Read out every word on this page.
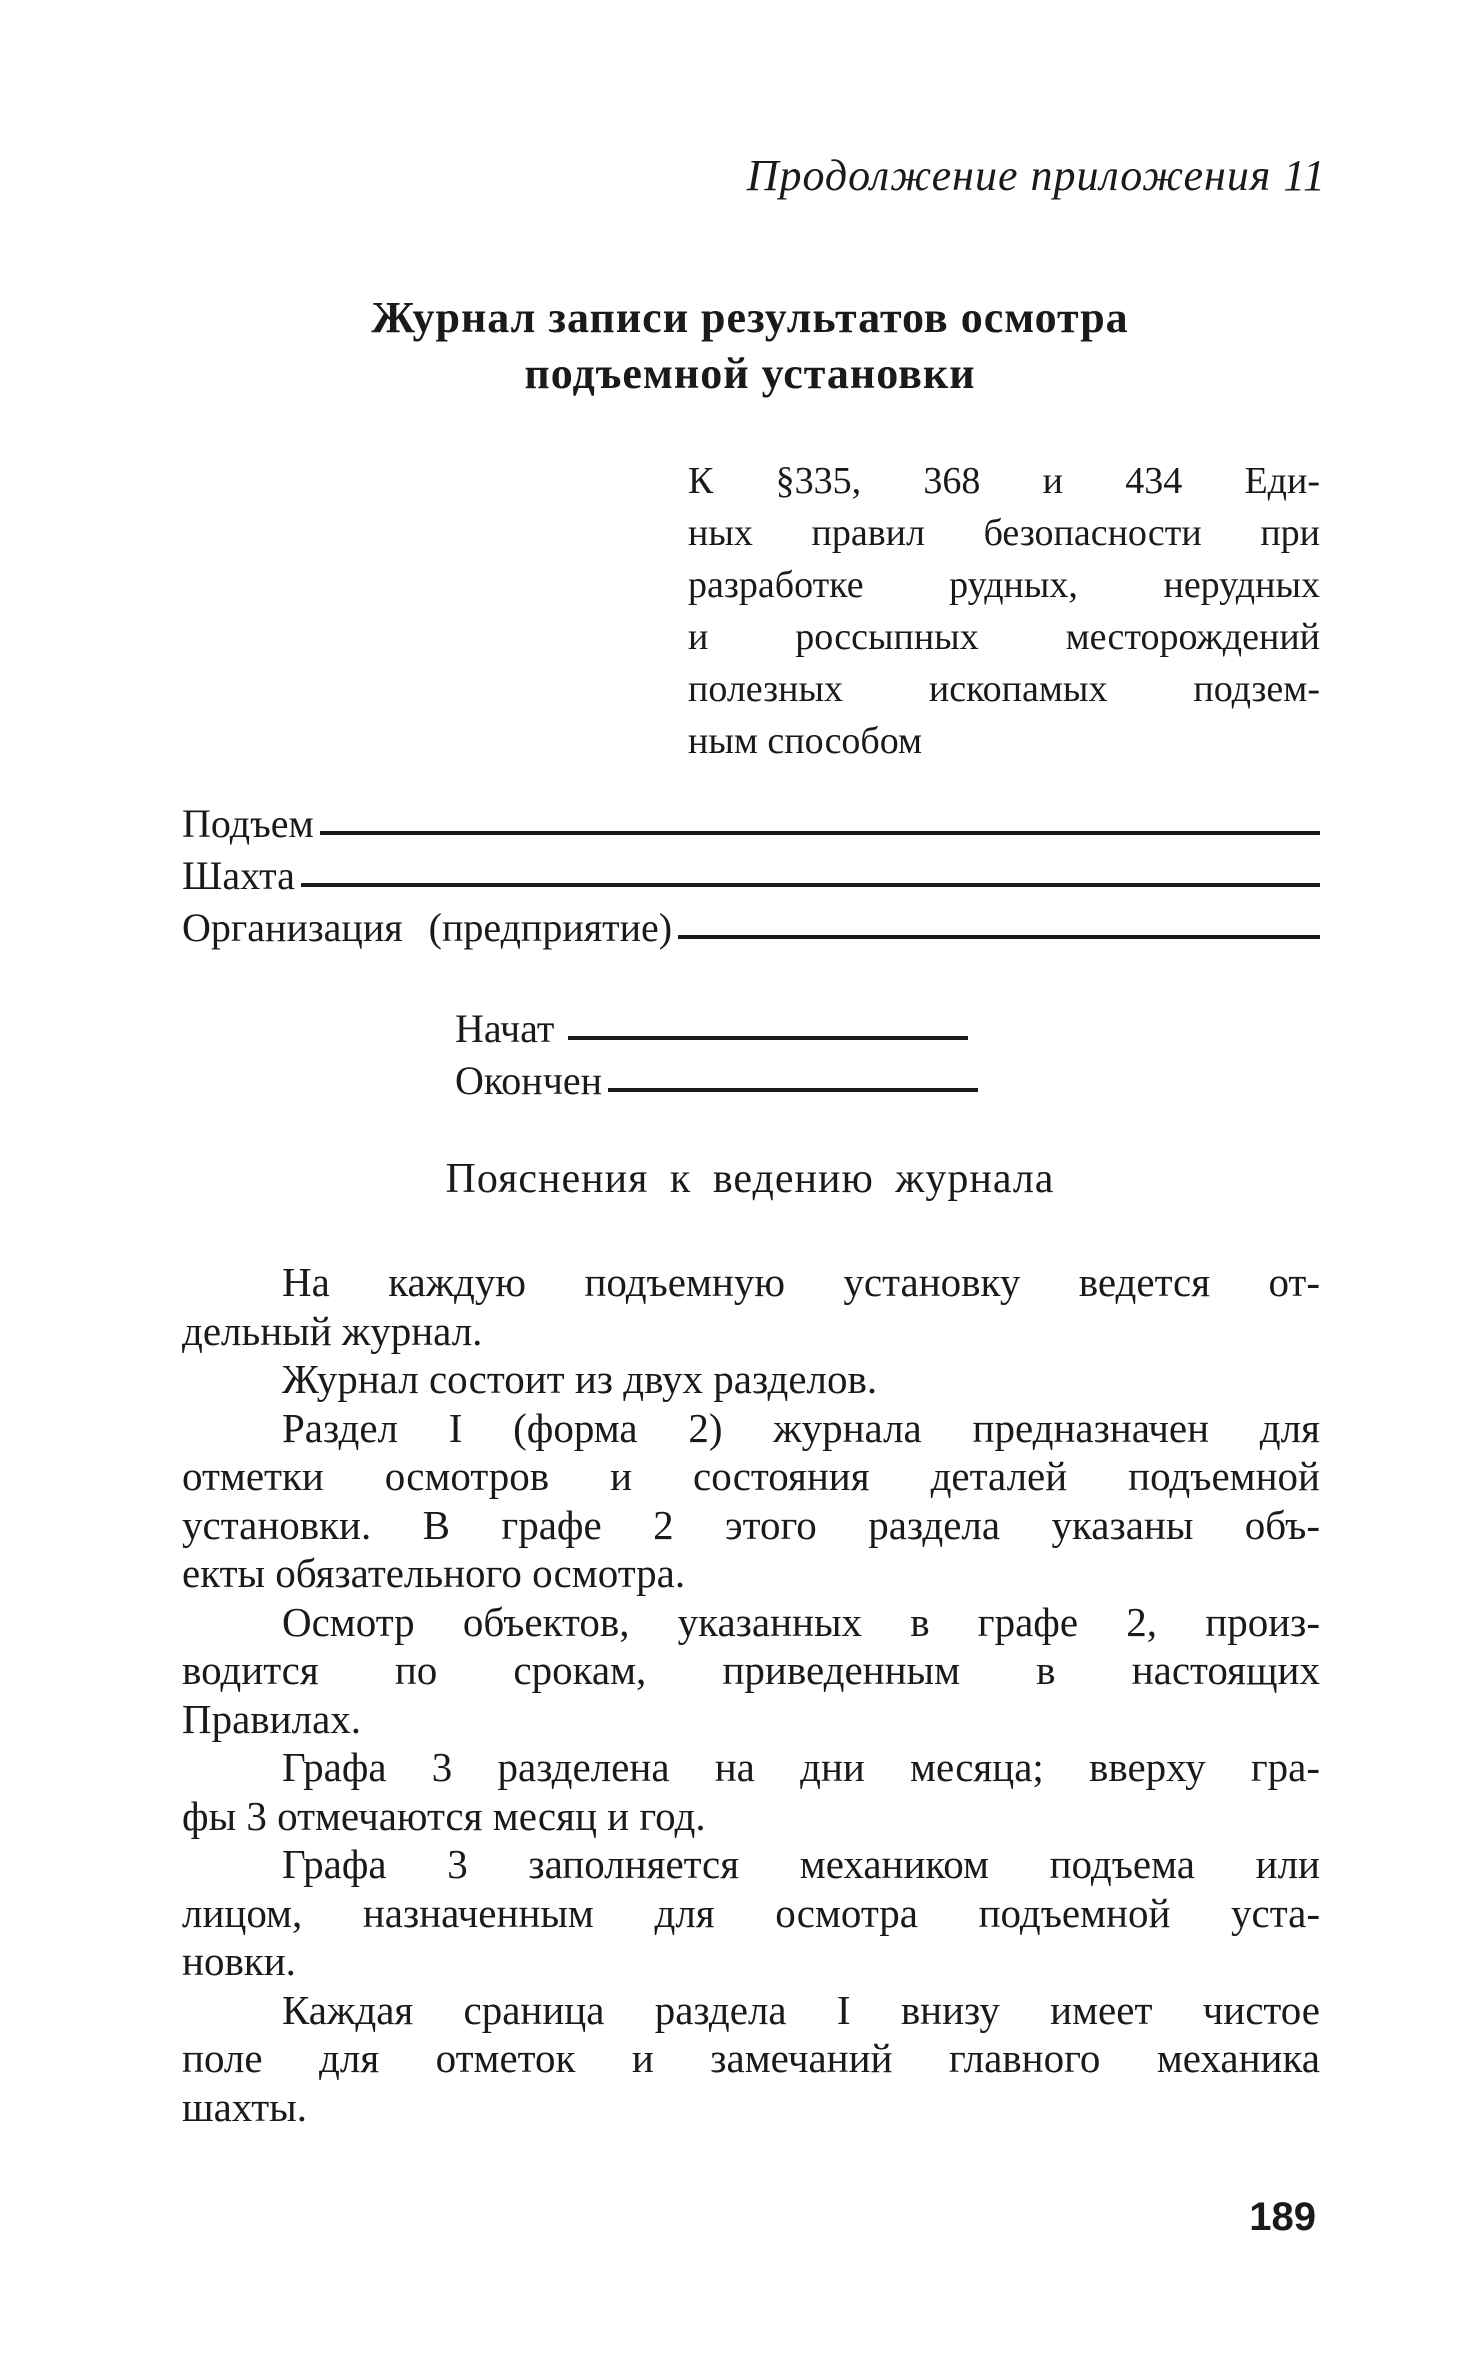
Продолжение приложения 11
Журнал записи результатов осмотра
подъемной установки
К §335, 368 и 434 Еди-
ных правил безопасности при
разработке рудных, нерудных
и россыпных месторождений
полезных ископамых подзем-
ным способом
Подъем
Шахта
Организация (предприятие)
Начат
Окончен
Пояснения к ведению журнала

На каждую подъемную установку ведется от-
дельный журнал.

Журнал состоит из двух разделов.

Раздел I (форма 2) журнала предназначен для
отметки осмотров и состояния деталей подъемной
установки. В графе 2 этого раздела указаны объ-
екты обязательного осмотра.

Осмотр объектов, указанных в графе 2, произ-
водится по срокам, приведенным в настоящих
Правилах.

Графа 3 разделена на дни месяца; вверху гра-
фы 3 отмечаются месяц и год.

Графа 3 заполняется механиком подъема или
лицом, назначенным для осмотра подъемной уста-
новки.

Каждая сраница раздела I внизу имеет чистое
поле для отметок и замечаний главного механика
шахты.

189
